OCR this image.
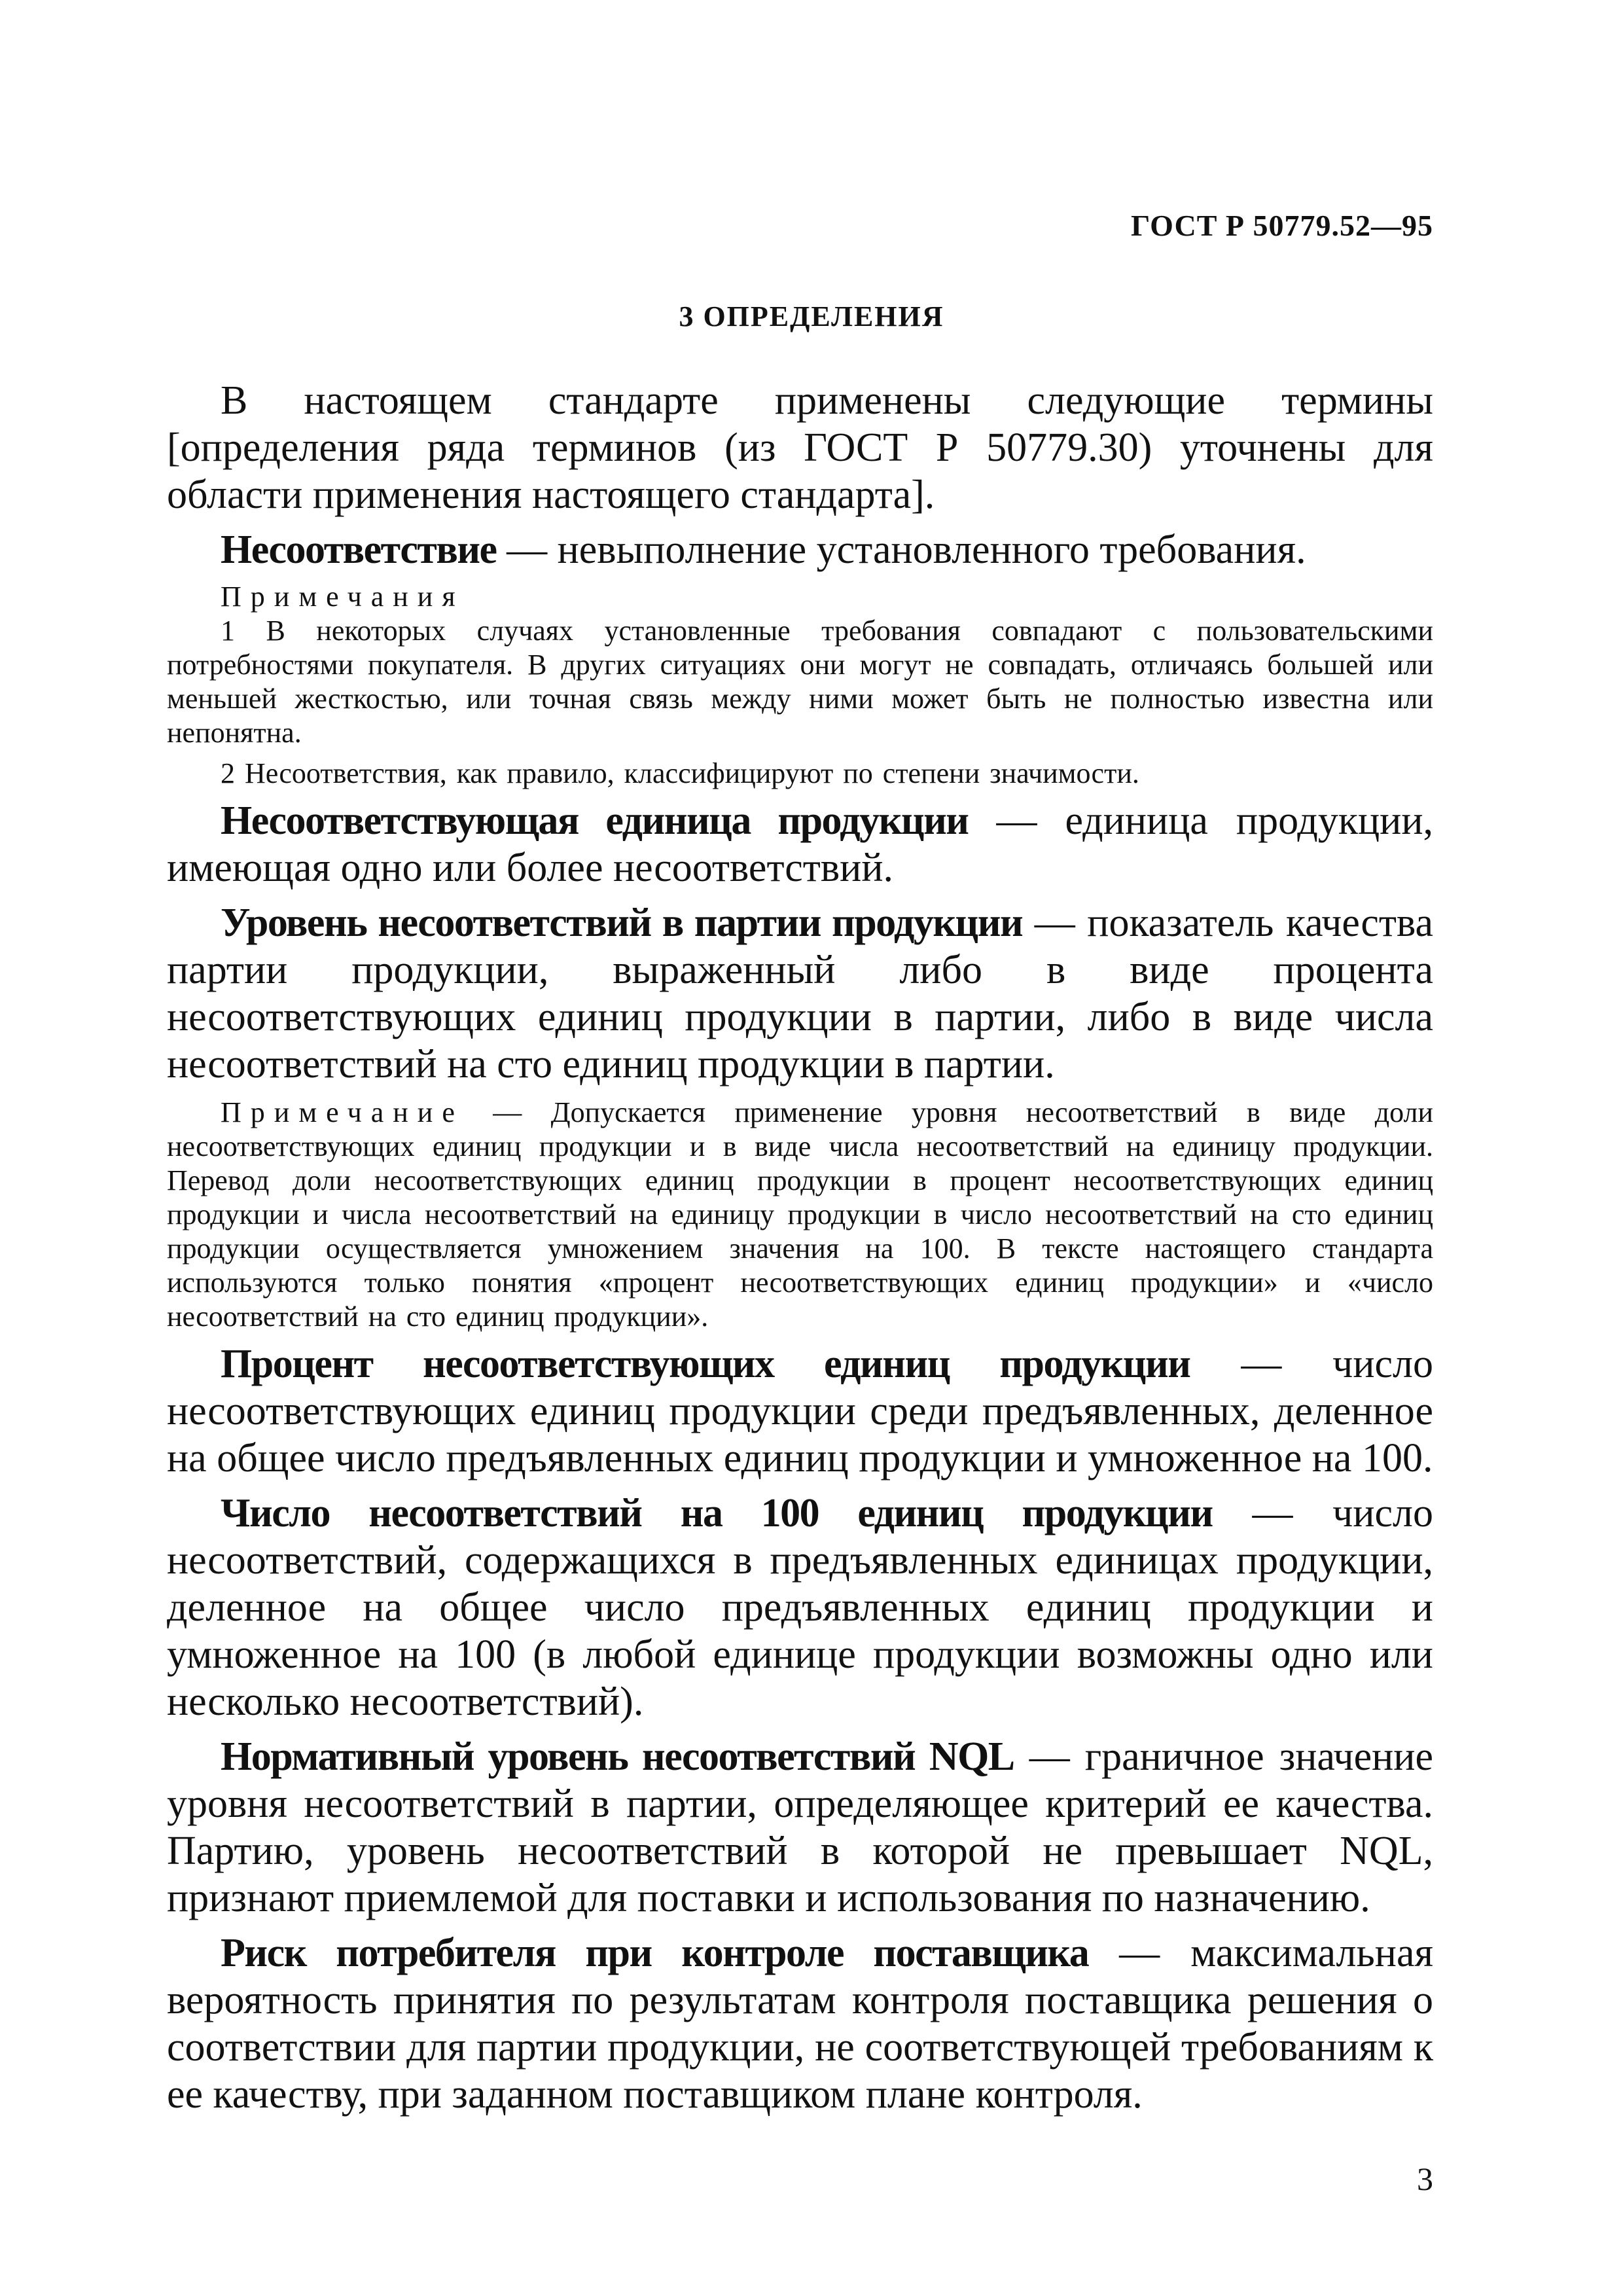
ГОСТ Р 50779.52—95
3 ОПРЕДЕЛЕНИЯ

В настоящем стандарте применены следующие термины [определения ряда терминов (из ГОСТ Р 50779.30) уточнены для области применения настоящего стандарта].

Несоответствие — невыполнение установленного требования.

Примечания

1 В некоторых случаях установленные требования совпадают с пользовательскими потребностями покупателя. В других ситуациях они могут не совпадать, отличаясь большей или меньшей жесткостью, или точная связь между ними может быть не полностью известна или непонятна.

2 Несоответствия, как правило, классифицируют по степени значимости.

Несоответствующая единица продукции — единица продукции, имеющая одно или более несоответствий.

Уровень несоответствий в партии продукции — показатель качества партии продукции, выраженный либо в виде процента несоответствующих единиц продукции в партии, либо в виде числа несоответствий на сто единиц продукции в партии.

Примечание — Допускается применение уровня несоответствий в виде доли несоответствующих единиц продукции и в виде числа несоответствий на единицу продукции. Перевод доли несоответствующих единиц продукции в процент несоответствующих единиц продукции и числа несоответствий на единицу продукции в число несоответствий на сто единиц продукции осуществляется умножением значения на 100. В тексте настоящего стандарта используются только понятия «процент несоответствующих единиц продукции» и «число несоответствий на сто единиц продукции».

Процент несоответствующих единиц продукции — число несоответствующих единиц продукции среди предъявленных, деленное на общее число предъявленных единиц продукции и умноженное на 100.

Число несоответствий на 100 единиц продукции — число несоответствий, содержащихся в предъявленных единицах продукции, деленное на общее число предъявленных единиц продукции и умноженное на 100 (в любой единице продукции возможны одно или несколько несоответствий).

Нормативный уровень несоответствий NQL — граничное значение уровня несоответствий в партии, определяющее критерий ее качества. Партию, уровень несоответствий в которой не превышает NQL, признают приемлемой для поставки и использования по назначению.

Риск потребителя при контроле поставщика — максимальная вероятность принятия по результатам контроля поставщика решения о соответствии для партии продукции, не соответствующей требованиям к ее качеству, при заданном поставщиком плане контроля.

3
